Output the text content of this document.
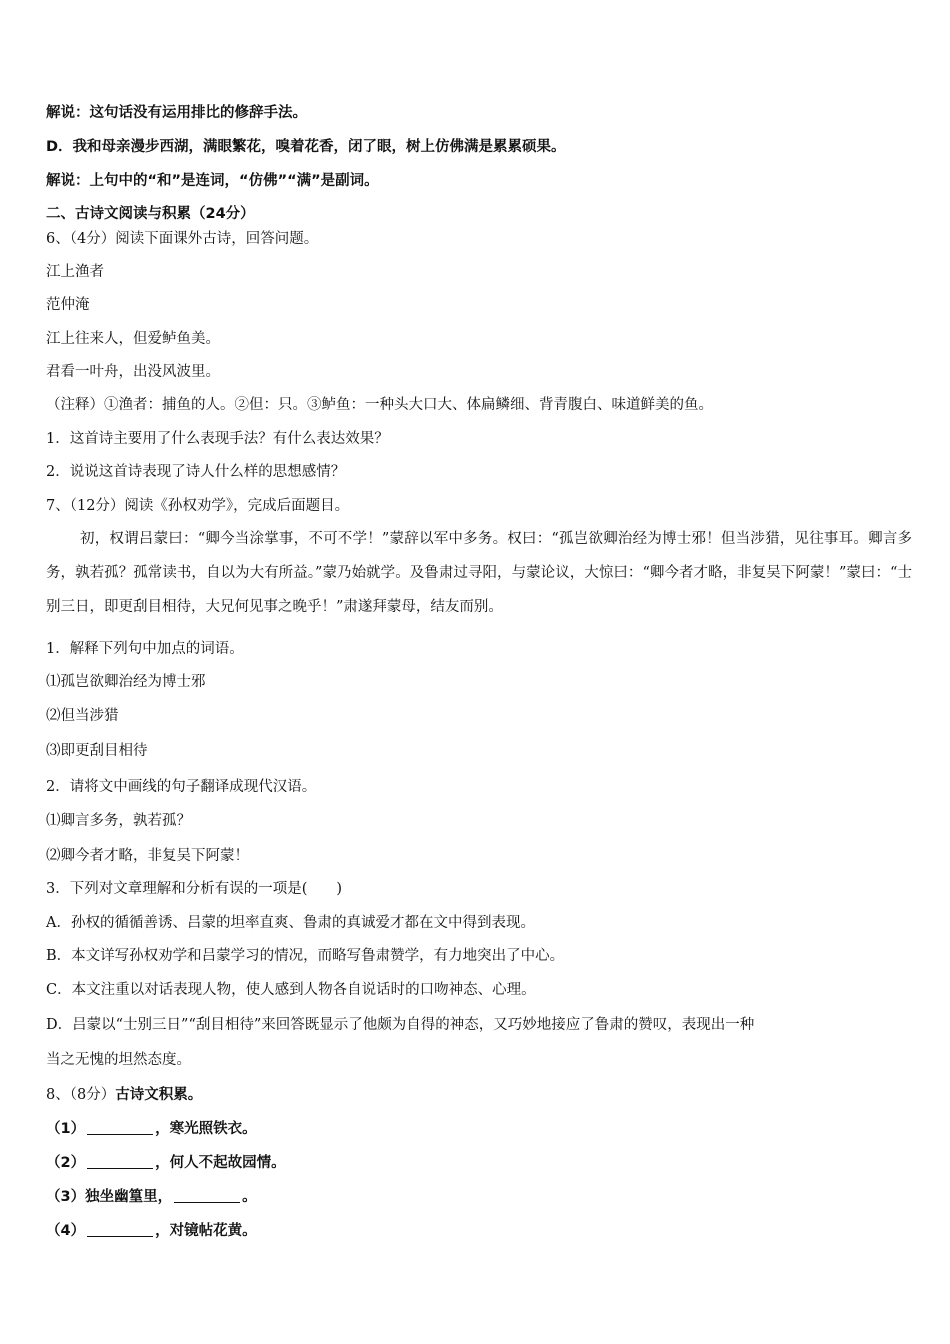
解说：这句话没有运用排比的修辞手法。
D．我和母亲漫步西湖，满眼繁花，嗅着花香，闭了眼，树上仿佛满是累累硕果。
解说：上句中的“和”是连词，“仿佛”“满”是副词。
二、古诗文阅读与积累（24分）
6、（4分）阅读下面课外古诗，回答问题。
江上渔者
范仲淹
江上往来人，但爱鲈鱼美。
君看一叶舟，出没风波里。
（注释）①渔者：捕鱼的人。②但：只。③鲈鱼：一种头大口大、体扁鳞细、背青腹白、味道鲜美的鱼。
1．这首诗主要用了什么表现手法？有什么表达效果？
2．说说这首诗表现了诗人什么样的思想感情？
7、（12分）阅读《孙权劝学》，完成后面题目。
初，权谓吕蒙曰：“卿今当涂掌事，不可不学！”蒙辞以军中多务。权曰：“孤岂欲卿治经为博士邪！但当涉猎，见往事耳。卿言多务，孰若孤？孤常读书，自以为大有所益。”蒙乃始就学。及鲁肃过寻阳，与蒙论议，大惊曰：“卿今者才略，非复吴下阿蒙！”蒙曰：“士别三日，即更刮目相待，大兄何见事之晚乎！”肃遂拜蒙母，结友而别。
1．解释下列句中加点的词语。
⑴孤岂欲卿治经为博士邪
⑵但当涉猎
⑶即更刮目相待
2．请将文中画线的句子翻译成现代汉语。
⑴卿言多务，孰若孤？
⑵卿今者才略，非复吴下阿蒙！
3．下列对文章理解和分析有误的一项是(　　)
A．孙权的循循善诱、吕蒙的坦率直爽、鲁肃的真诚爱才都在文中得到表现。
B．本文详写孙权劝学和吕蒙学习的情况，而略写鲁肃赞学，有力地突出了中心。
C．本文注重以对话表现人物，使人感到人物各自说话时的口吻神态、心理。
D．吕蒙以“士别三日”“刮目相待”来回答既显示了他颇为自得的神态，又巧妙地接应了鲁肃的赞叹，表现出一种
当之无愧的坦然态度。
8、（8分）古诗文积累。
（1）	，寒光照铁衣。
（2）	，何人不起故园情。
（3）独坐幽篁里，	。
（4）	，对镜帖花黄。
